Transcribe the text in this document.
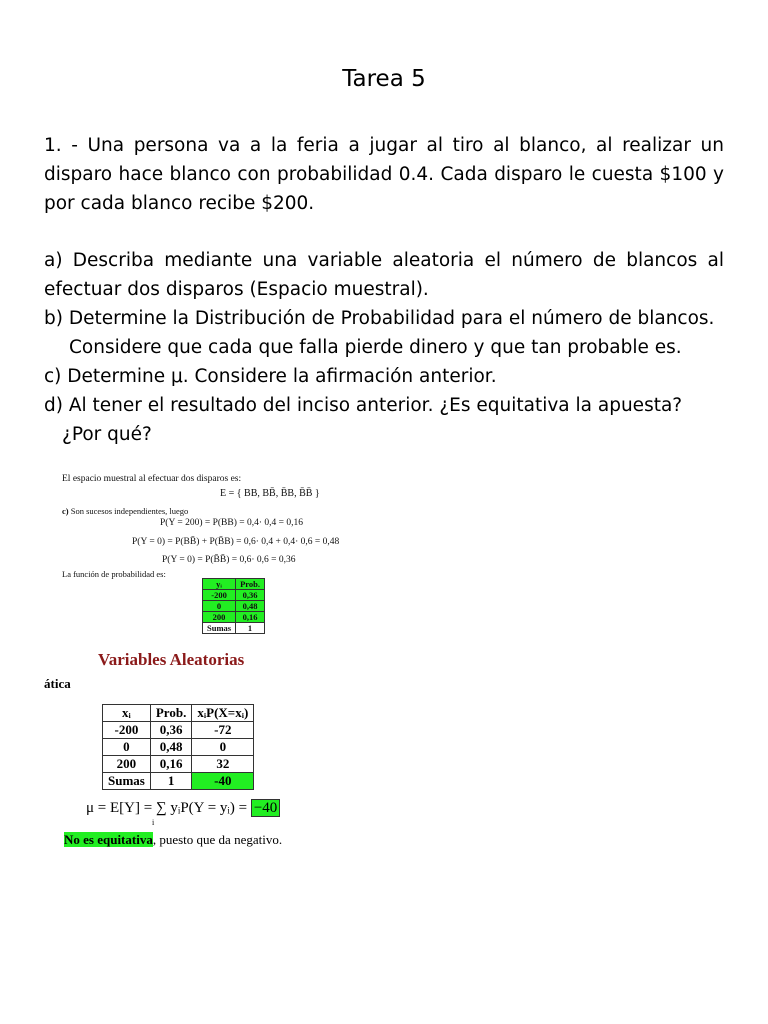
Tarea 5

1. - Una persona va a la feria a jugar al tiro al blanco, al realizar un disparo hace blanco con probabilidad 0.4. Cada disparo le cuesta $100 y por cada blanco recibe $200.

a) Describa mediante una variable aleatoria el número de blancos al efectuar dos disparos (Espacio muestral).

b) Determine la Distribución de Probabilidad para el número de blancos.

Considere que cada que falla pierde dinero y que tan probable es.

c) Determine μ. Considere la afirmación anterior.

d) Al tener el resultado del inciso anterior. ¿Es equitativa la apuesta?

¿Por qué?

El espacio muestral al efectuar dos disparos es:
E = { BB, BB̄, B̄B, B̄B̄ }
c) Son sucesos independientes, luego
P(Y = 200) = P(BB) = 0,4· 0,4 = 0,16
P(Y = 0) = P(BB̄) + P(B̄B) = 0,6· 0,4 + 0,4· 0,6 = 0,48
P(Y = 0) = P(B̄B̄) = 0,6· 0,6 = 0,36
La función de probabilidad es:
yᵢ	Prob.
-200	0,36
0	0,48
200	0,16
Sumas	1
Variables Aleatorias
ática
xᵢ	Prob.	xᵢP(X=xᵢ)
-200	0,36	-72
0	0,48	0
200	0,16	32
Sumas	1	-40
μ = E[Y] = ∑ yᵢP(Y = yᵢ) = −40
i
No es equitativa, puesto que da negativo.
